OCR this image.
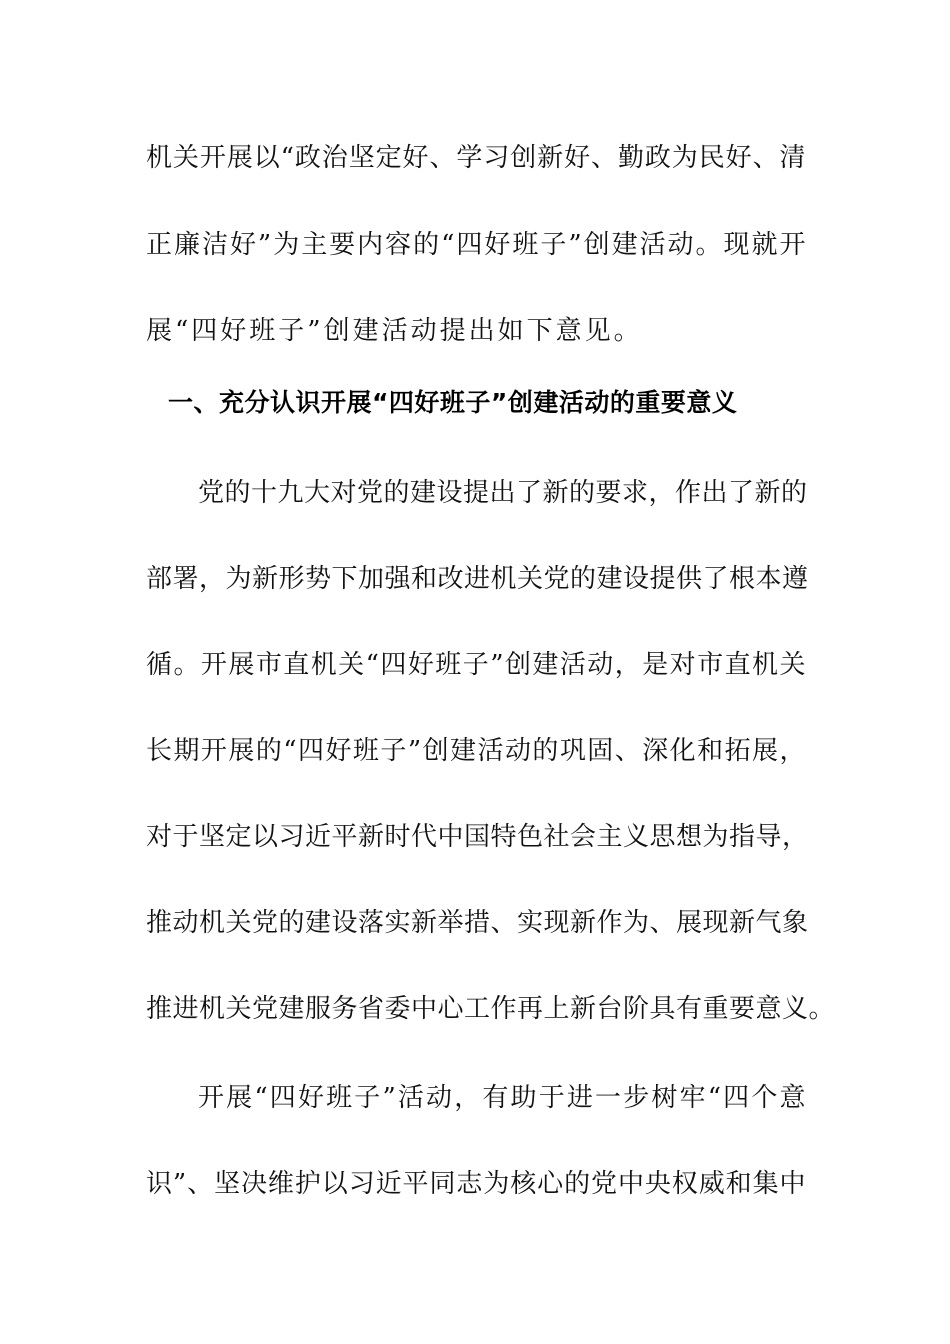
机关开展以“政治坚定好、学习创新好、勤政为民好、清
正廉洁好”为主要内容的“四好班子”创建活动。现就开
展“四好班子”创建活动提出如下意见。
一、充分认识开展“四好班子”创建活动的重要意义
党的十九大对党的建设提出了新的要求，作出了新的
部署，为新形势下加强和改进机关党的建设提供了根本遵
循。开展市直机关“四好班子”创建活动，是对市直机关
长期开展的“四好班子”创建活动的巩固、深化和拓展，
对于坚定以习近平新时代中国特色社会主义思想为指导，
推动机关党的建设落实新举措、实现新作为、展现新气象
推进机关党建服务省委中心工作再上新台阶具有重要意义。
开展“四好班子”活动，有助于进一步树牢“四个意
识”、坚决维护以习近平同志为核心的党中央权威和集中
